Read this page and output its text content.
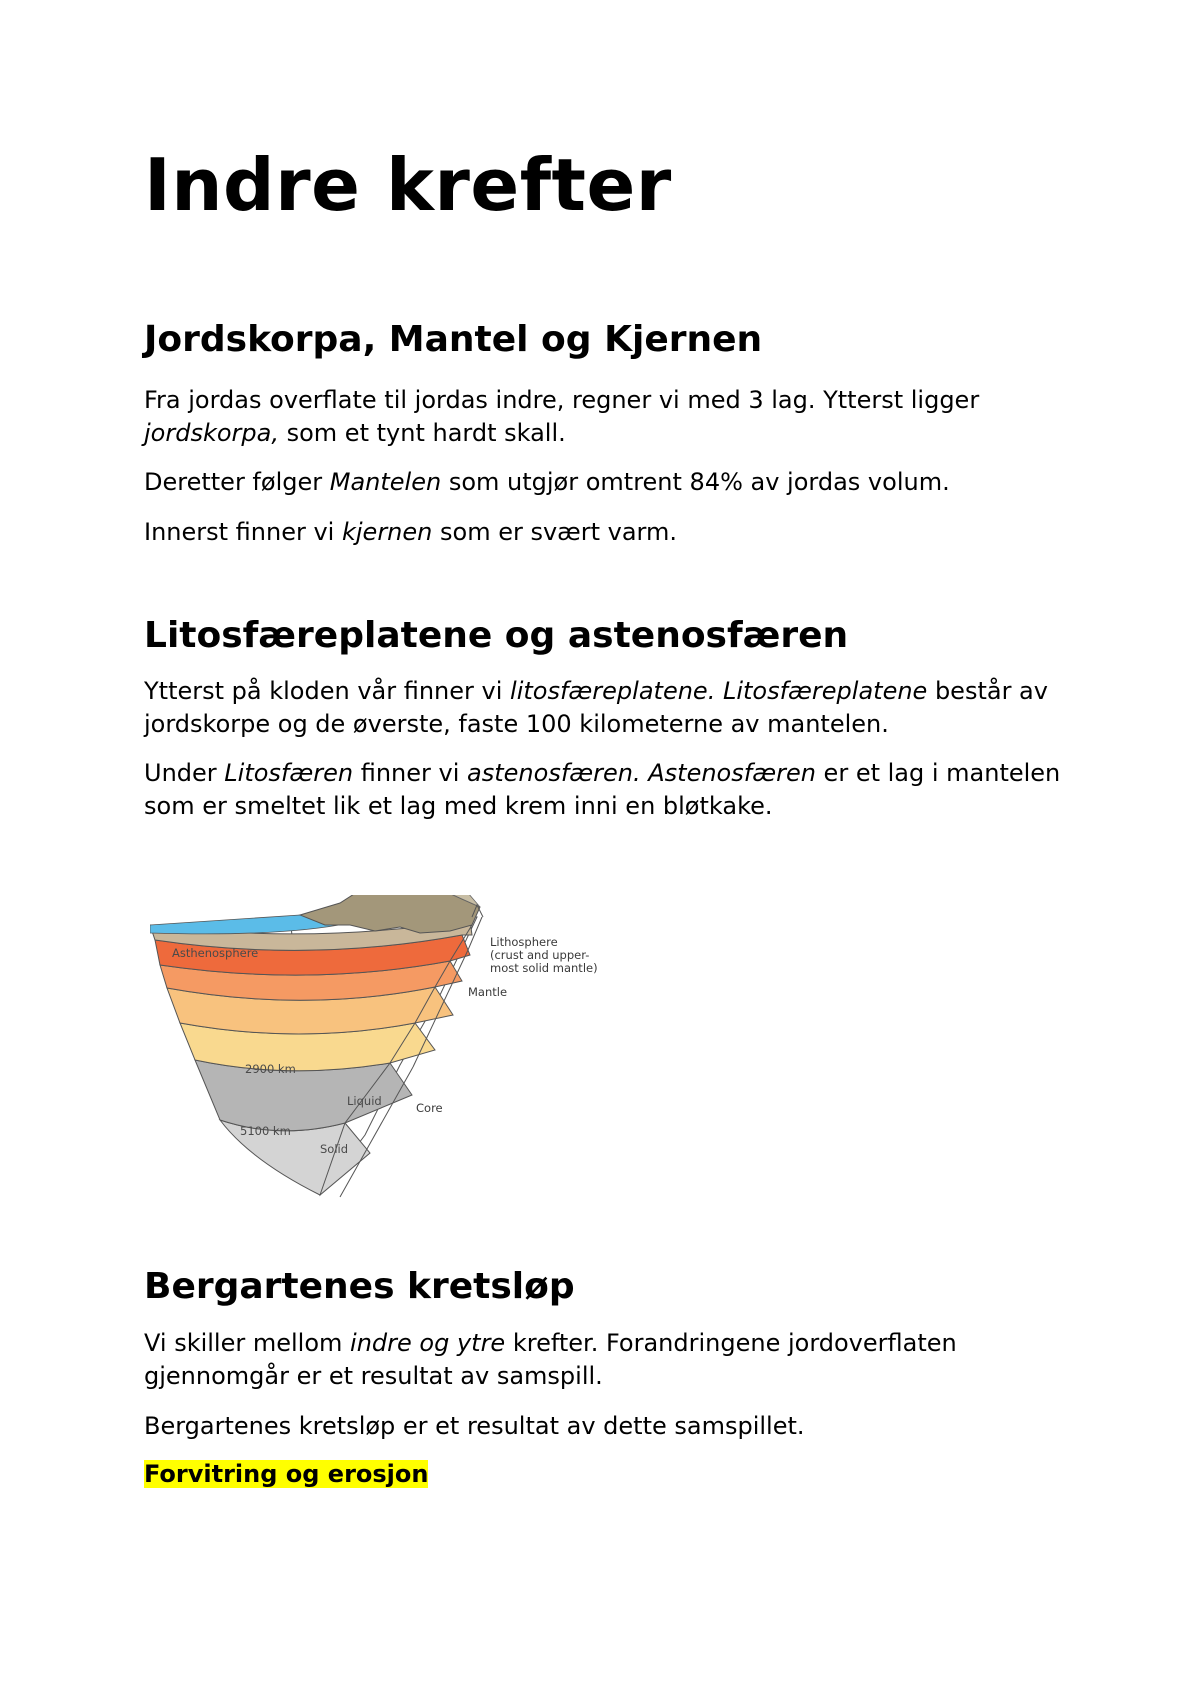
Indre krefter
Jordskorpa, Mantel og Kjernen

Fra jordas overflate til jordas indre, regner vi med 3 lag. Ytterst ligger
jordskorpa, som et tynt hardt skall.

Deretter følger Mantelen som utgjør omtrent 84% av jordas volum.

Innerst finner vi kjernen som er svært varm.

Litosfæreplatene og astenosfæren

Ytterst på kloden vår finner vi litosfæreplatene. Litosfæreplatene består av jordskorpe og de øverste, faste 100 kilometerne av mantelen.

Under Litosfæren finner vi astenosfæren. Astenosfæren er et lag i mantelen som er smeltet lik et lag med krem inni en bløtkake.

Asthenosphere
2900 km
Liquid
5100 km
Solid
Lithosphere
(crust and upper-
most solid mantle)
Mantle
Core
Bergartenes kretsløp

Vi skiller mellom indre og ytre krefter. Forandringene jordoverflaten gjennomgår er et resultat av samspill.

Bergartenes kretsløp er et resultat av dette samspillet.

Forvitring og erosjon
